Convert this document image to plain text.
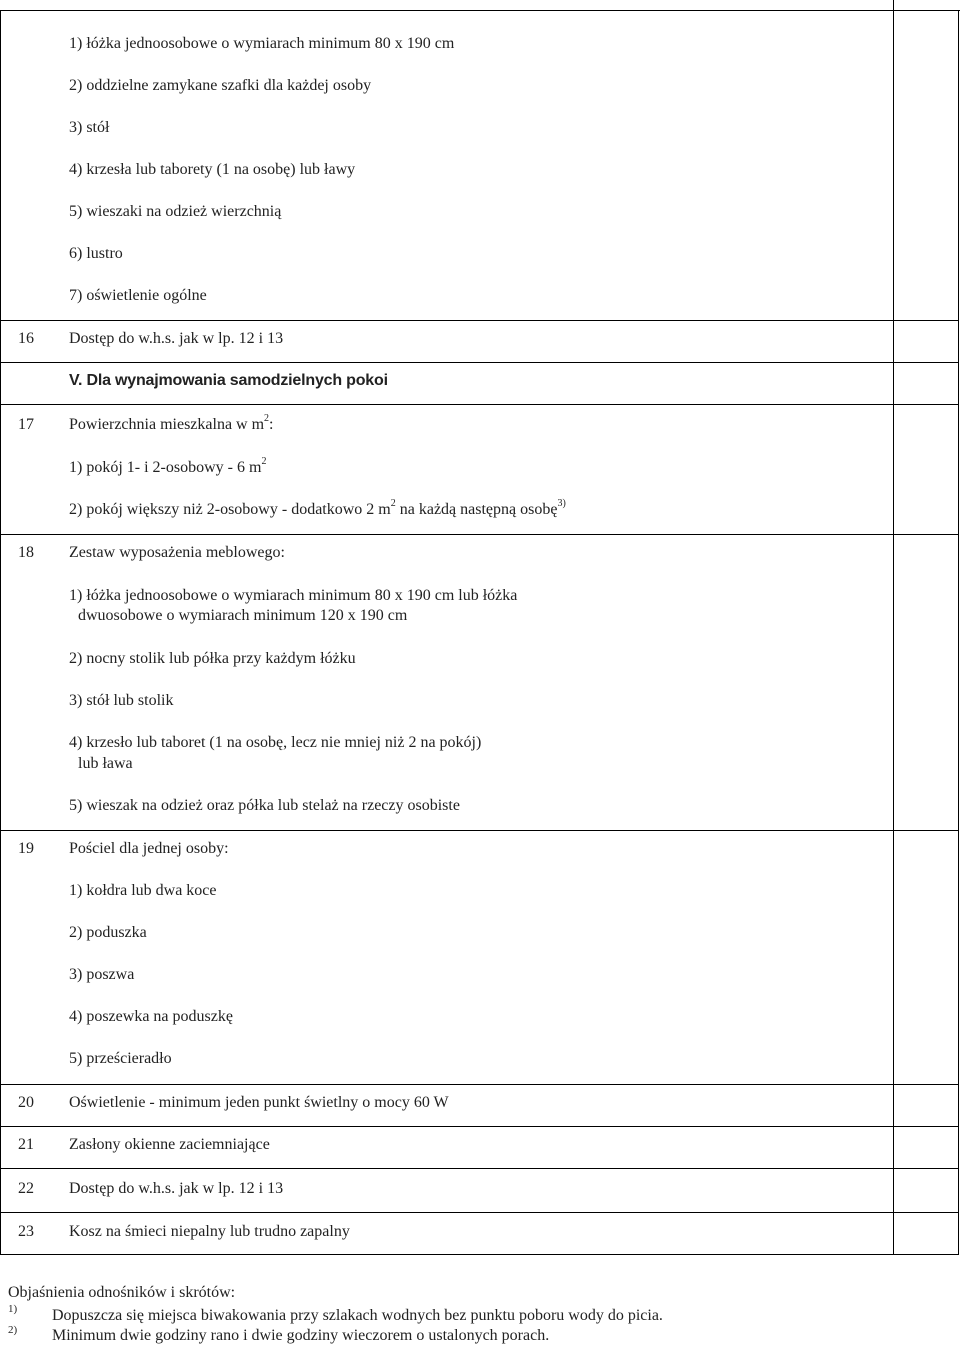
1) łóżka jednoosobowe o wymiarach minimum 80 x 190 cm
2) oddzielne zamykane szafki dla każdej osoby
3) stół
4) krzesła lub taborety (1 na osobę) lub ławy
5) wieszaki na odzież wierzchnią
6) lustro
7) oświetlenie ogólne
16 Dostęp do w.h.s. jak w lp. 12 i 13
V. Dla wynajmowania samodzielnych pokoi
17 Powierzchnia mieszkalna w $m^2$:
1) pokój 1- i 2-osobowy - 6 $m^2$
2) pokój większy niż 2-osobowy - dodatkowo 2 $m^2$ na każdą następną osobę$^{3)}$
18 Zestaw wyposażenia meblowego:
1) łóżka jednoosobowe o wymiarach minimum 80 x 190 cm lub łóżka
dwuosobowe o wymiarach minimum 120 x 190 cm
2) nocny stolik lub półka przy każdym łóżku
3) stół lub stolik
4) krzesło lub taboret (1 na osobę, lecz nie mniej niż 2 na pokój)
lub ława
5) wieszak na odzież oraz półka lub stelaż na rzeczy osobiste
19 Pościel dla jednej osoby:
1) kołdra lub dwa koce
2) poduszka
3) poszwa
4) poszewka na poduszkę
5) prześcieradło
20 Oświetlenie - minimum jeden punkt świetlny o mocy 60 W
21 Zasłony okienne zaciemniające
22 Dostęp do w.h.s. jak w lp. 12 i 13
23 Kosz na śmieci niepalny lub trudno zapalny
Objaśnienia odnośników i skrótów:
1) Dopuszcza się miejsca biwakowania przy szlakach wodnych bez punktu poboru wody do picia.
2) Minimum dwie godziny rano i dwie godziny wieczorem o ustalonych porach.
